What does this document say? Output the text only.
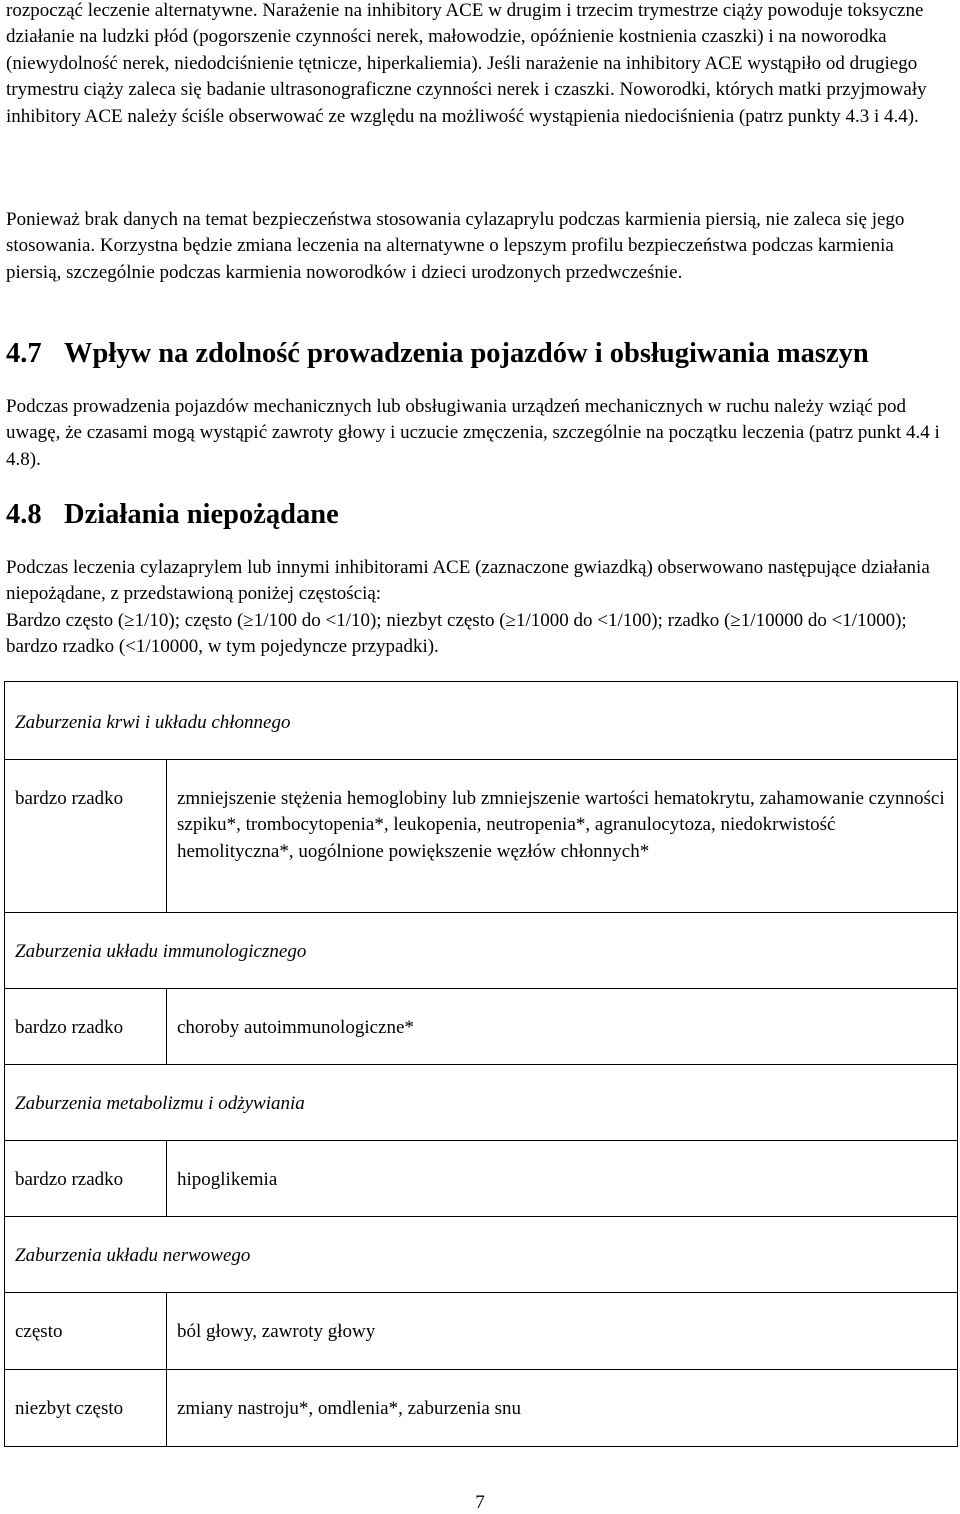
rozpocząć leczenie alternatywne. Narażenie na inhibitory ACE w drugim i trzecim trymestrze ciąży powoduje toksyczne działanie na ludzki płód (pogorszenie czynności nerek, małowodzie, opóźnienie kostnienia czaszki) i na noworodka (niewydolność nerek, niedodciśnienie tętnicze, hiperkaliemia). Jeśli narażenie na inhibitory ACE wystąpiło od drugiego trymestru ciąży zaleca się badanie ultrasonograficzne czynności nerek i czaszki. Noworodki, których matki przyjmowały inhibitory ACE należy ściśle obserwować ze względu na możliwość wystąpienia niedociśnienia (patrz punkty 4.3 i 4.4).

Ponieważ brak danych na temat bezpieczeństwa stosowania cylazaprylu podczas karmienia piersią, nie zaleca się jego stosowania. Korzystna będzie zmiana leczenia na alternatywne o lepszym profilu bezpieczeństwa podczas karmienia piersią, szczególnie podczas karmienia noworodków i dzieci urodzonych przedwcześnie.

4.7 Wpływ na zdolność prowadzenia pojazdów i obsługiwania maszyn

Podczas prowadzenia pojazdów mechanicznych lub obsługiwania urządzeń mechanicznych w ruchu należy wziąć pod uwagę, że czasami mogą wystąpić zawroty głowy i uczucie zmęczenia, szczególnie na początku leczenia (patrz punkt 4.4 i 4.8).

4.8 Działania niepożądane

Podczas leczenia cylazaprylem lub innymi inhibitorami ACE (zaznaczone gwiazdką) obserwowano następujące działania niepożądane, z przedstawioną poniżej częstością:

Bardzo często (≥1/10); często (≥1/100 do <1/10); niezbyt często (≥1/1000 do <1/100); rzadko (≥1/10000 do <1/1000); bardzo rzadko (<1/10000, w tym pojedyncze przypadki).

Zaburzenia krwi i układu chłonnego	
bardzo rzadko	zmniejszenie stężenia hemoglobiny lub zmniejszenie wartości hematokrytu, zahamowanie czynności szpiku*, trombocytopenia*, leukopenia, neutropenia*, agranulocytoza, niedokrwistość hemolityczna*, uogólnione powiększenie węzłów chłonnych*
Zaburzenia układu immunologicznego	
bardzo rzadko	choroby autoimmunologiczne*
Zaburzenia metabolizmu i odżywiania	
bardzo rzadko	hipoglikemia
Zaburzenia układu nerwowego	
często	ból głowy, zawroty głowy
niezbyt często	zmiany nastroju*, omdlenia*, zaburzenia snu
7
